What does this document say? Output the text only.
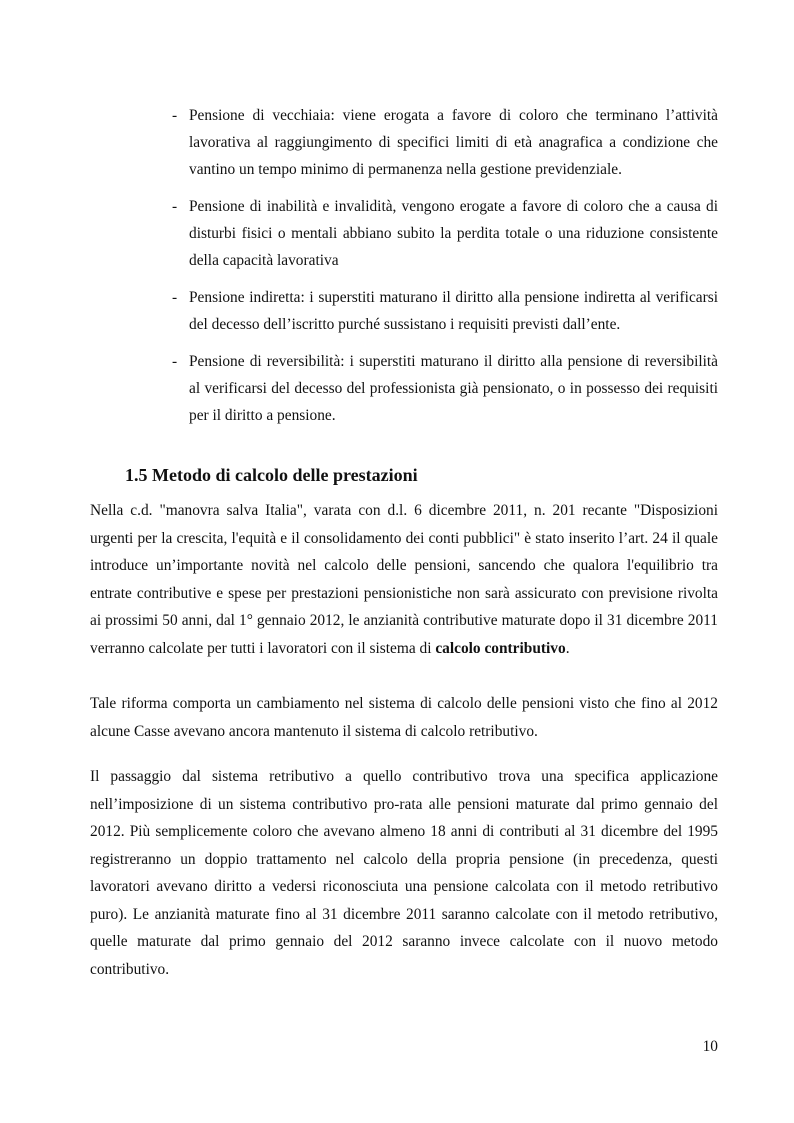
- Pensione di vecchiaia: viene erogata a favore di coloro che terminano l’attività lavorativa al raggiungimento di specifici limiti di età anagrafica a condizione che vantino un tempo minimo di permanenza nella gestione previdenziale.
- Pensione di inabilità e invalidità, vengono erogate a favore di coloro che a causa di disturbi fisici o mentali abbiano subito la perdita totale o una riduzione consistente della capacità lavorativa
- Pensione indiretta: i superstiti maturano il diritto alla pensione indiretta al verificarsi del decesso dell’iscritto purché sussistano i requisiti previsti dall’ente.
- Pensione di reversibilità: i superstiti maturano il diritto alla pensione di reversibilità al verificarsi del decesso del professionista già pensionato, o in possesso dei requisiti per il diritto a pensione.
1.5 Metodo di calcolo delle prestazioni

Nella c.d. "manovra salva Italia", varata con d.l. 6 dicembre 2011, n. 201 recante "Disposizioni urgenti per la crescita, l'equità e il consolidamento dei conti pubblici" è stato inserito l’art. 24 il quale introduce un’importante novità nel calcolo delle pensioni, sancendo che qualora l'equilibrio tra entrate contributive e spese per prestazioni pensionistiche non sarà assicurato con previsione rivolta ai prossimi 50 anni, dal 1° gennaio 2012, le anzianità contributive maturate dopo il 31 dicembre 2011 verranno calcolate per tutti i lavoratori con il sistema di calcolo contributivo.

Tale riforma comporta un cambiamento nel sistema di calcolo delle pensioni visto che fino al 2012 alcune Casse avevano ancora mantenuto il sistema di calcolo retributivo.

Il passaggio dal sistema retributivo a quello contributivo trova una specifica applicazione nell’imposizione di un sistema contributivo pro-rata alle pensioni maturate dal primo gennaio del 2012. Più semplicemente coloro che avevano almeno 18 anni di contributi al 31 dicembre del 1995 registreranno un doppio trattamento nel calcolo della propria pensione (in precedenza, questi lavoratori avevano diritto a vedersi riconosciuta una pensione calcolata con il metodo retributivo puro). Le anzianità maturate fino al 31 dicembre 2011 saranno calcolate con il metodo retributivo, quelle maturate dal primo gennaio del 2012 saranno invece calcolate con il nuovo metodo contributivo.

10
